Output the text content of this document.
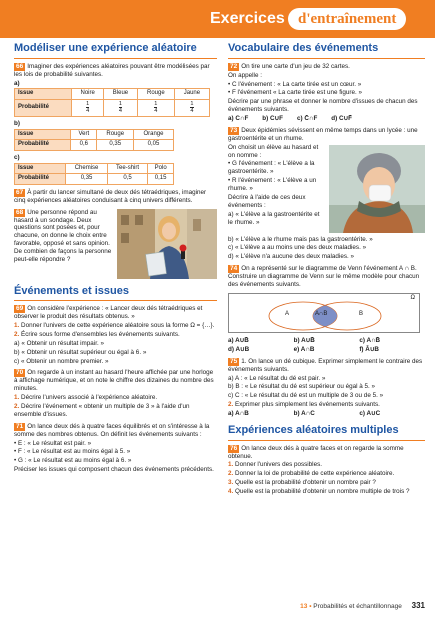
Exercices d'entraînement
Modéliser une expérience aléatoire

66 Imaginer des expériences aléatoires pouvant être modélisées par les lois de probabilité suivantes.

a)

Issue	Noire	Bleue	Rouge	Jaune
Probabilité	$\frac{1}{4}$	$\frac{1}{4}$	$\frac{1}{4}$	$\frac{1}{4}$

b)

Issue	Vert	Rouge	Orange
Probabilité	0,6	0,35	0,05

c)

Issue	Chemise	Tee-shirt	Polo
Probabilité	0,35	0,5	0,15

67 À partir du lancer simultané de deux dés tétraédriques, imaginer cinq expériences aléatoires conduisant à cinq univers différents.

68 Une personne répond au hasard à un sondage. Deux questions sont posées et, pour chacune, on donne le choix entre favorable, opposé et sans opinion. De combien de façons la personne peut-elle répondre ?

Événements et issues

69 On considère l'expérience : « Lancer deux dés tétraédriques et observer le produit des résultats obtenus. »

1. Donner l'univers de cette expérience aléatoire sous la forme Ω = {…}.

2. Écrire sous forme d'ensembles les événements suivants.

a) « Obtenir un résultat impair. »

b) « Obtenir un résultat supérieur ou égal à 6. »

c) « Obtenir un nombre premier. »

70 On regarde à un instant au hasard l'heure affichée par une horloge à affichage numérique, et on note le chiffre des dizaines du nombre des minutes.

1. Décrire l'univers associé à l'expérience aléatoire.

2. Décrire l'événement « obtenir un multiple de 3 » à l'aide d'un ensemble d'issues.

71 On lance deux dés à quatre faces équilibrés et on s'intéresse à la somme des nombres obtenus. On définit les événements suivants :

• E : « Le résultat est pair. »

• F : « Le résultat est au moins égal à 5. »

• G : « Le résultat est au moins égal à 6. »

Préciser les issues qui composent chacun des événements précédents.

Vocabulaire des événements

72 On tire une carte d'un jeu de 32 cartes.

On appelle :

• C l'événement : « La carte tirée est un cœur. »

• F l'événement « La carte tirée est une figure. »

Décrire par une phrase et donner le nombre d'issues de chacun des événements suivants.

a) C∩F b) C∪F c) C̄∩F d) C∪F̄

73 Deux épidémies sévissent en même temps dans un lycée : une gastroentérite et un rhume.

On choisit un élève au hasard et on nomme :

• G l'événement : « L'élève a la gastroentérite. »

• R l'événement : « L'élève a un rhume. »

Décrire à l'aide de ces deux événements :

a) « L'élève a la gastroentérite et le rhume. »

b) « L'élève a le rhume mais pas la gastroentérite. »

c) « L'élève a au moins une des deux maladies. »

d) « L'élève n'a aucune des deux maladies. »

74 On a représenté sur le diagramme de Venn l'événement A ∩ B. Construire un diagramme de Venn sur le même modèle pour chacun des événements suivants.

Ω
A	A∩B	B
a) A∪B̄	b) A∪B̄	c) A∩B̄
d) A∪B	e) A∩B	f) Ā∪B

75 1. On lance un dé cubique. Exprimer simplement le contraire des événements suivants.

a) A : « Le résultat du dé est pair. »

b) B : « Le résultat du dé est supérieur ou égal à 5. »

c) C : « Le résultat du dé est un multiple de 3 ou de 5. »

2. Exprimer plus simplement les événements suivants.

a) A∩B	b) A∩C	c) A∪C
Expériences aléatoires multiples

76 On lance deux dés à quatre faces et on regarde la somme obtenue.

1. Donner l'univers des possibles.

2. Donner la loi de probabilité de cette expérience aléatoire.

3. Quelle est la probabilité d'obtenir un nombre pair ?

4. Quelle est la probabilité d'obtenir un nombre multiple de trois ?

13 • Probabilités et échantillonnage 331
